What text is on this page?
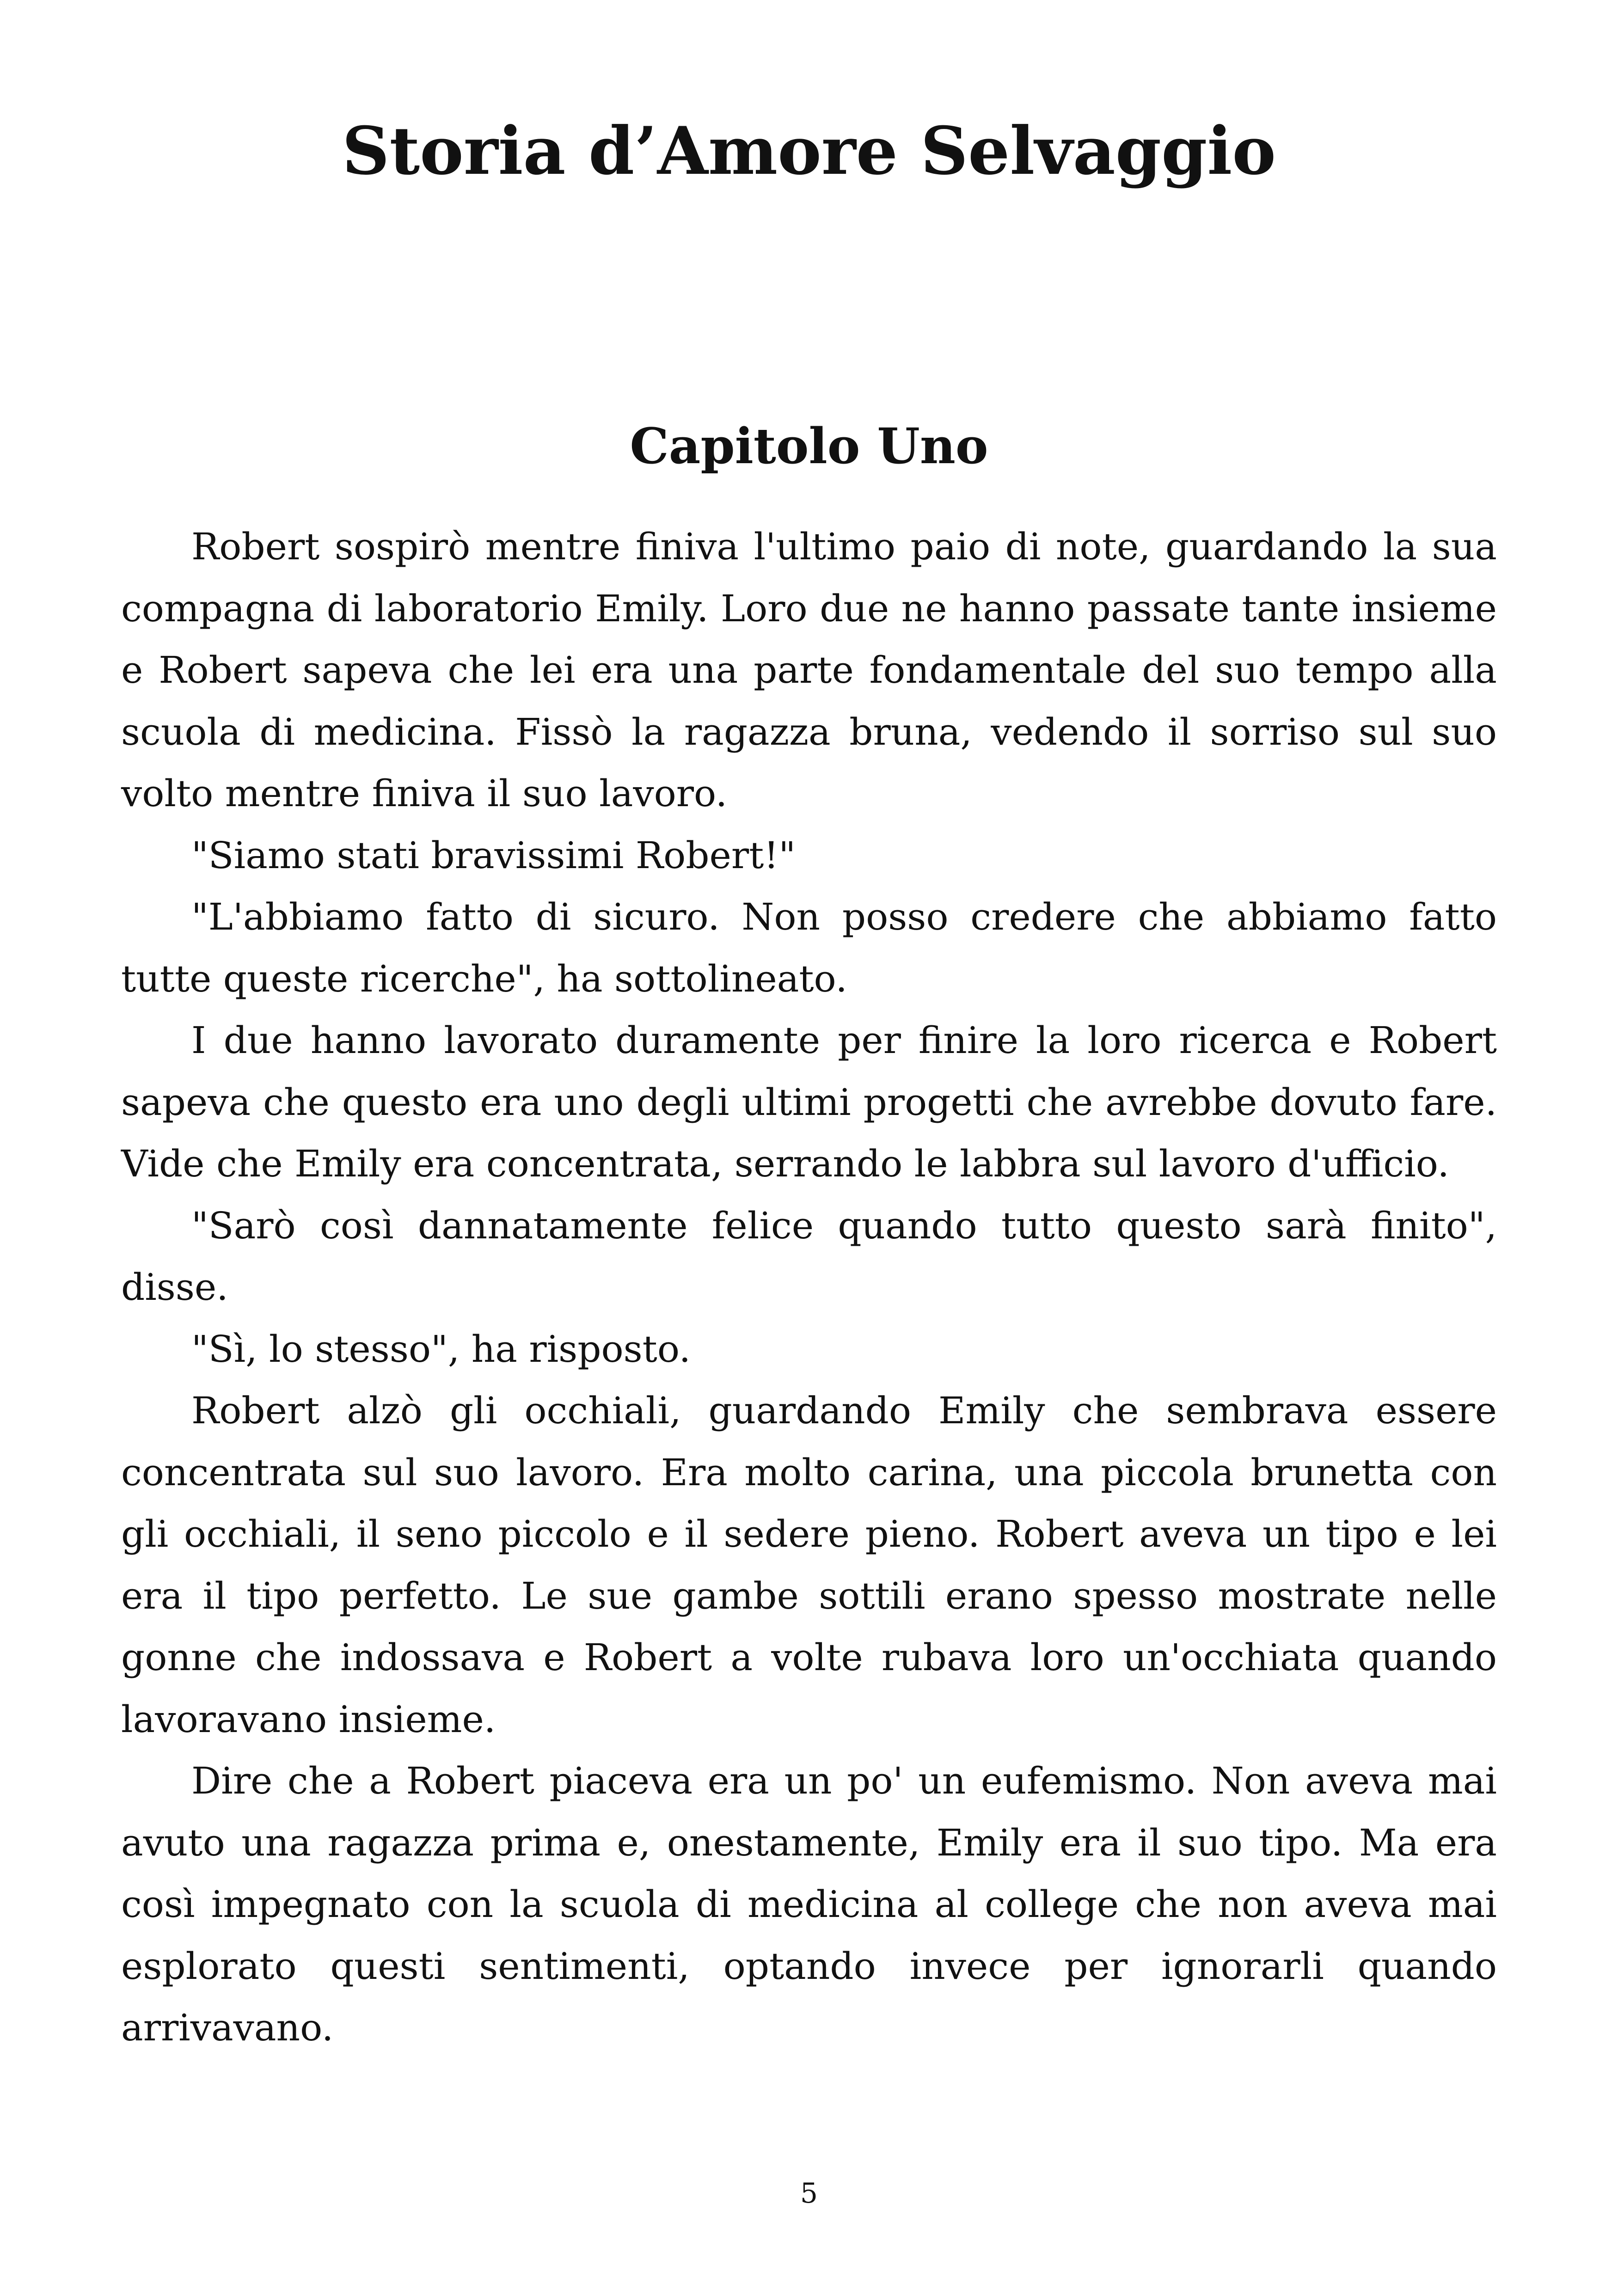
Storia d’Amore Selvaggio
Capitolo Uno

Robert sospirò mentre finiva l'ultimo paio di note, guardando la sua compagna di laboratorio Emily. Loro due ne hanno passate tante insieme e Robert sapeva che lei era una parte fondamentale del suo tempo alla scuola di medicina. Fissò la ragazza bruna, vedendo il sorriso sul suo volto mentre finiva il suo lavoro.

"Siamo stati bravissimi Robert!"

"L'abbiamo fatto di sicuro. Non posso credere che abbiamo fatto tutte queste ricerche", ha sottolineato.

I due hanno lavorato duramente per finire la loro ricerca e Robert sapeva che questo era uno degli ultimi progetti che avrebbe dovuto fare. Vide che Emily era concentrata, serrando le labbra sul lavoro d'ufficio.

"Sarò così dannatamente felice quando tutto questo sarà finito", disse.

"Sì, lo stesso", ha risposto.

Robert alzò gli occhiali, guardando Emily che sembrava essere concentrata sul suo lavoro. Era molto carina, una piccola brunetta con gli occhiali, il seno piccolo e il sedere pieno. Robert aveva un tipo e lei era il tipo perfetto. Le sue gambe sottili erano spesso mostrate nelle gonne che indossava e Robert a volte rubava loro un'occhiata quando lavoravano insieme.

Dire che a Robert piaceva era un po' un eufemismo. Non aveva mai avuto una ragazza prima e, onestamente, Emily era il suo tipo. Ma era così impegnato con la scuola di medicina al college che non aveva mai esplorato questi sentimenti, optando invece per ignorarli quando arrivavano.

5
